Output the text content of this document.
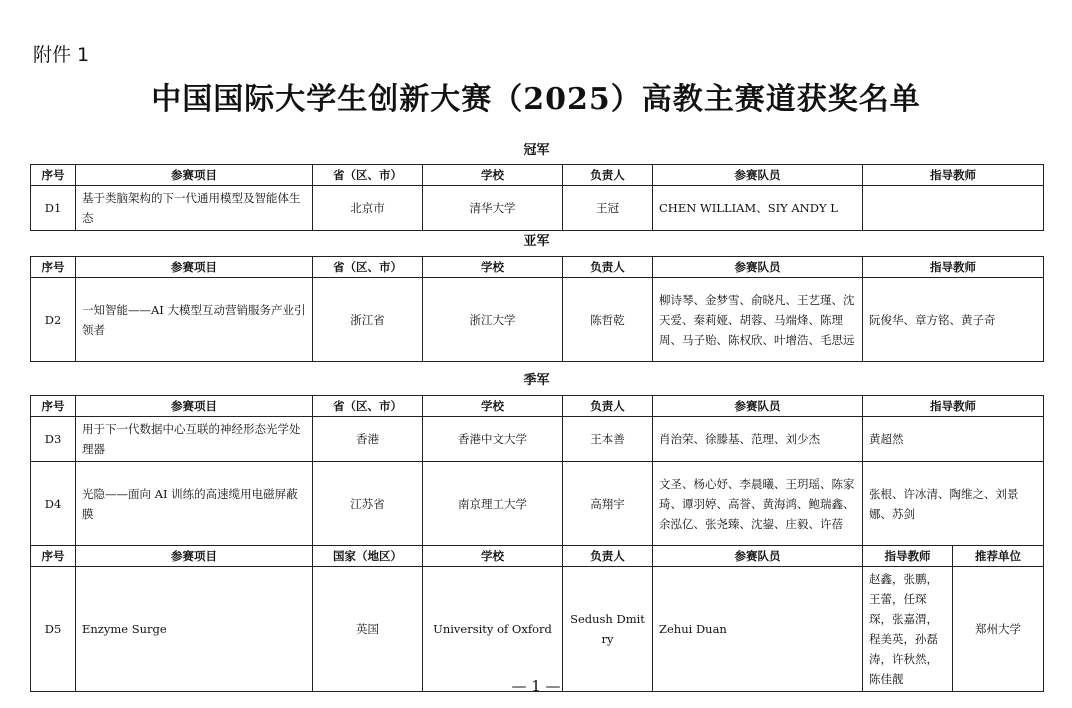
附件 1
中国国际大学生创新大赛（2025）高教主赛道获奖名单
冠军
序号	参赛项目	省（区、市）	学校	负责人	参赛队员	指导教师
D1	基于类脑架构的下一代通用模型及智能体生态	北京市	清华大学	王冠	CHEN WILLIAM、SIY ANDY L	
亚军
序号	参赛项目	省（区、市）	学校	负责人	参赛队员	指导教师
D2	一知智能——AI 大模型互动营销服务产业引领者	浙江省	浙江大学	陈哲乾	柳诗琴、金梦雪、俞晓凡、王艺瑾、沈天爱、秦莉娅、胡蓉、马端烽、陈理周、马子贻、陈权欣、叶增浩、毛思远	阮俊华、章方铭、黄子奇
季军
序号	参赛项目	省（区、市）	学校	负责人	参赛队员	指导教师	
D3	用于下一代数据中心互联的神经形态光学处理器	香港	香港中文大学	王本善	肖治荣、徐滕基、范理、刘少杰	黄超然	
D4	光隐——面向 AI 训练的高速缆用电磁屏蔽膜	江苏省	南京理工大学	高翔宇	文圣、杨心妤、李晨曦、王玥瑶、陈家琦、谭羽婷、高誉、黄海鸿、鲍瑞鑫、余泓亿、张尧臻、沈鋆、庄毅、许蓓	张根、许冰清、陶维之、刘景娜、苏剑	
序号	参赛项目	国家（地区）	学校	负责人	参赛队员	指导教师	推荐单位
D5	Enzyme Surge	英国	University of Oxford	Sedush Dmitry	Zehui Duan	赵鑫，张鹏，王蕾，任琛琛，张嘉渭，程美英，孙磊涛，许秋然，陈佳靓	郑州大学
— 1 —
